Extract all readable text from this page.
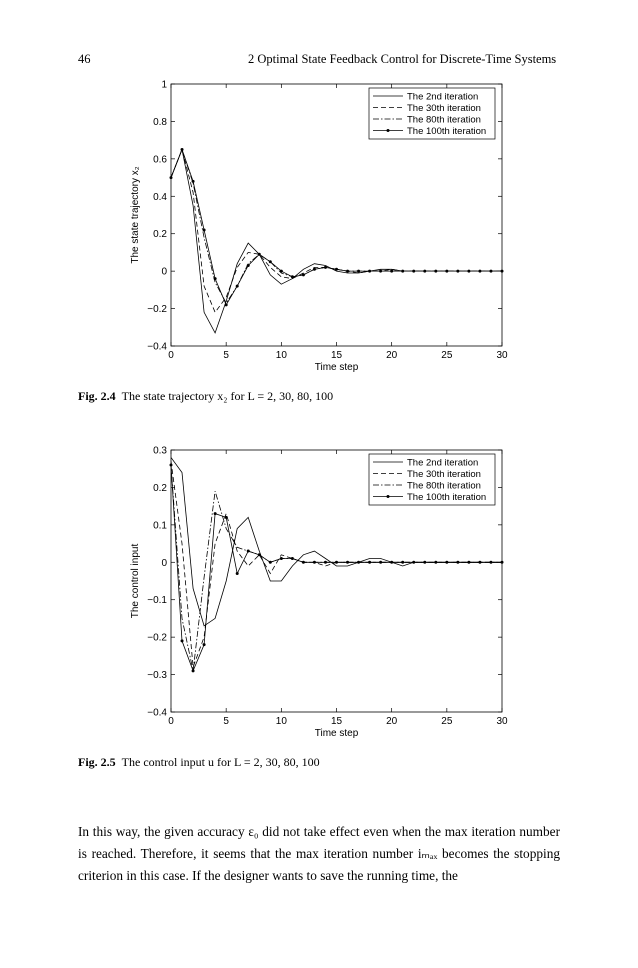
46	2 Optimal State Feedback Control for Discrete-Time Systems
0	5	10	15	20	25	30
−0.4
−0.2
0
0.2
0.4
0.6
0.8
1
Time step
The state trajectory x₂
The 2nd iteration
The 30th iteration
The 80th iteration
The 100th iteration
Fig. 2.4 The state trajectory x₂ for L = 2, 30, 80, 100
0	5	10	15	20	25	30
−0.4
−0.3
−0.2
−0.1
0
0.1
0.2
0.3
Time step
The control input
The 2nd iteration
The 30th iteration
The 80th iteration
The 100th iteration
Fig. 2.5 The control input u for L = 2, 30, 80, 100

In this way, the given accuracy ε₀ did not take effect even when the max iteration number is reached. Therefore, it seems that the max iteration number iₘₐₓ becomes the stopping criterion in this case. If the designer wants to save the running time, the
